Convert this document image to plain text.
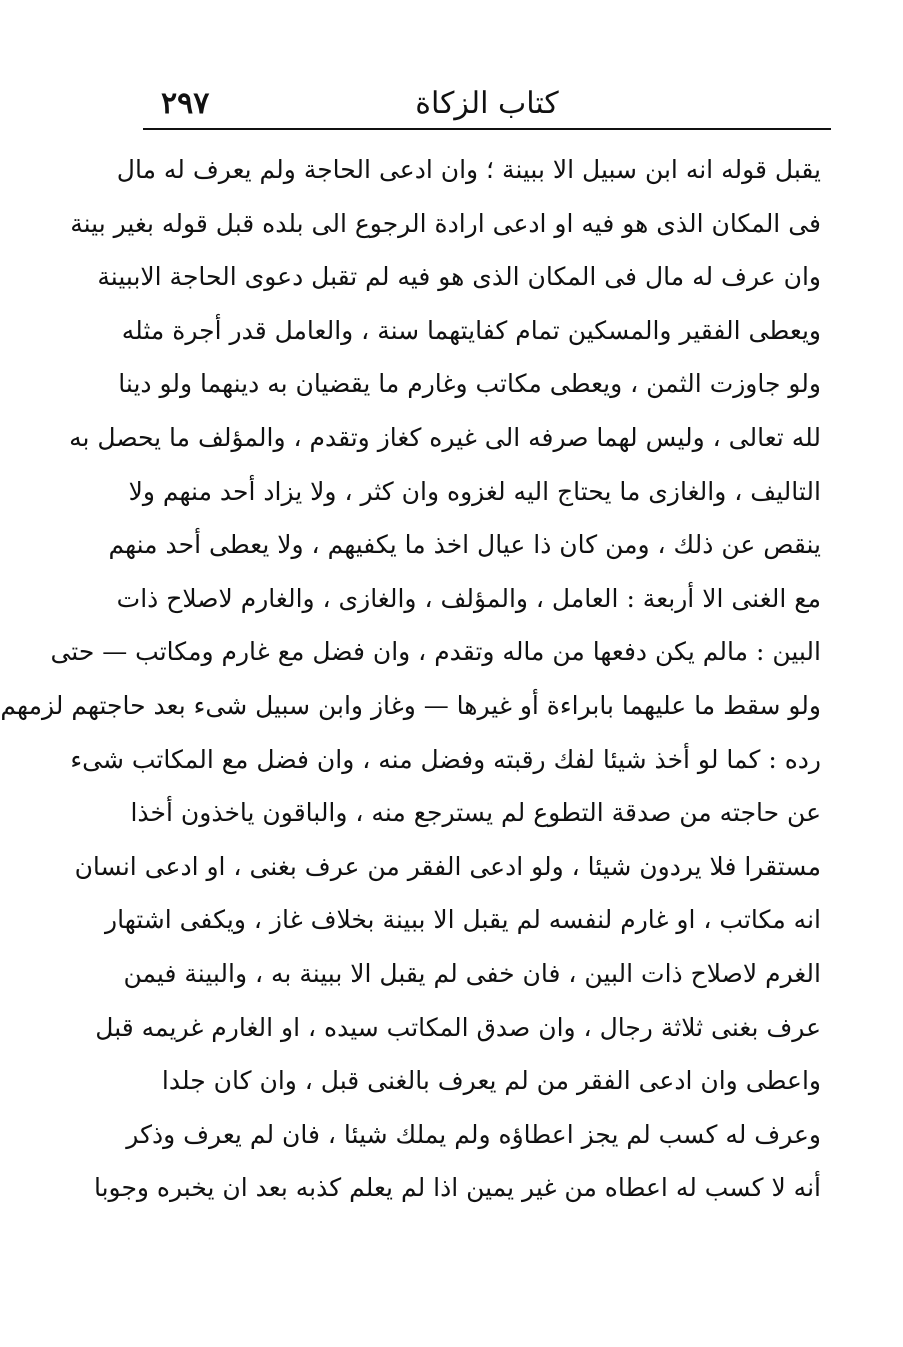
كتاب الزكاة
٢٩٧
يقبل قوله انه ابن سبيل الا ببينة ؛ وان ادعى الحاجة ولم يعرف له مال
فى المكان الذى هو فيه او ادعى ارادة الرجوع الى بلده قبل قوله بغير بينة
وان عرف له مال فى المكان الذى هو فيه لم تقبل دعوى الحاجة الاببينة
ويعطى الفقير والمسكين تمام كفايتهما سنة ، والعامل قدر أجرة مثله
ولو جاوزت الثمن ، ويعطى مكاتب وغارم ما يقضيان به دينهما ولو دينا
لله تعالى ، وليس لهما صرفه الى غيره كغاز وتقدم ، والمؤلف ما يحصل به
التاليف ، والغازى ما يحتاج اليه لغزوه وان كثر ، ولا يزاد أحد منهم ولا
ينقص عن ذلك ، ومن كان ذا عيال اخذ ما يكفيهم ، ولا يعطى أحد منهم
مع الغنى الا أربعة : العامل ، والمؤلف ، والغازى ، والغارم لاصلاح ذات
البين : مالم يكن دفعها من ماله وتقدم ، وان فضل مع غارم ومكاتب — حتى
ولو سقط ما عليهما بابراءة أو غيرها — وغاز وابن سبيل شىء بعد حاجتهم لزمهم
رده : كما لو أخذ شيئا لفك رقبته وفضل منه ، وان فضل مع المكاتب شىء
عن حاجته من صدقة التطوع لم يسترجع منه ، والباقون ياخذون أخذا
مستقرا فلا يردون شيئا ، ولو ادعى الفقر من عرف بغنى ، او ادعى انسان
انه مكاتب ، او غارم لنفسه لم يقبل الا ببينة بخلاف غاز ، ويكفى اشتهار
الغرم لاصلاح ذات البين ، فان خفى لم يقبل الا ببينة به ، والبينة فيمن
عرف بغنى ثلاثة رجال ، وان صدق المكاتب سيده ، او الغارم غريمه قبل
واعطى وان ادعى الفقر من لم يعرف بالغنى قبل ، وان كان جلدا
وعرف له كسب لم يجز اعطاؤه ولم يملك شيئا ، فان لم يعرف وذكر
أنه لا كسب له اعطاه من غير يمين اذا لم يعلم كذبه بعد ان يخبره وجوبا
